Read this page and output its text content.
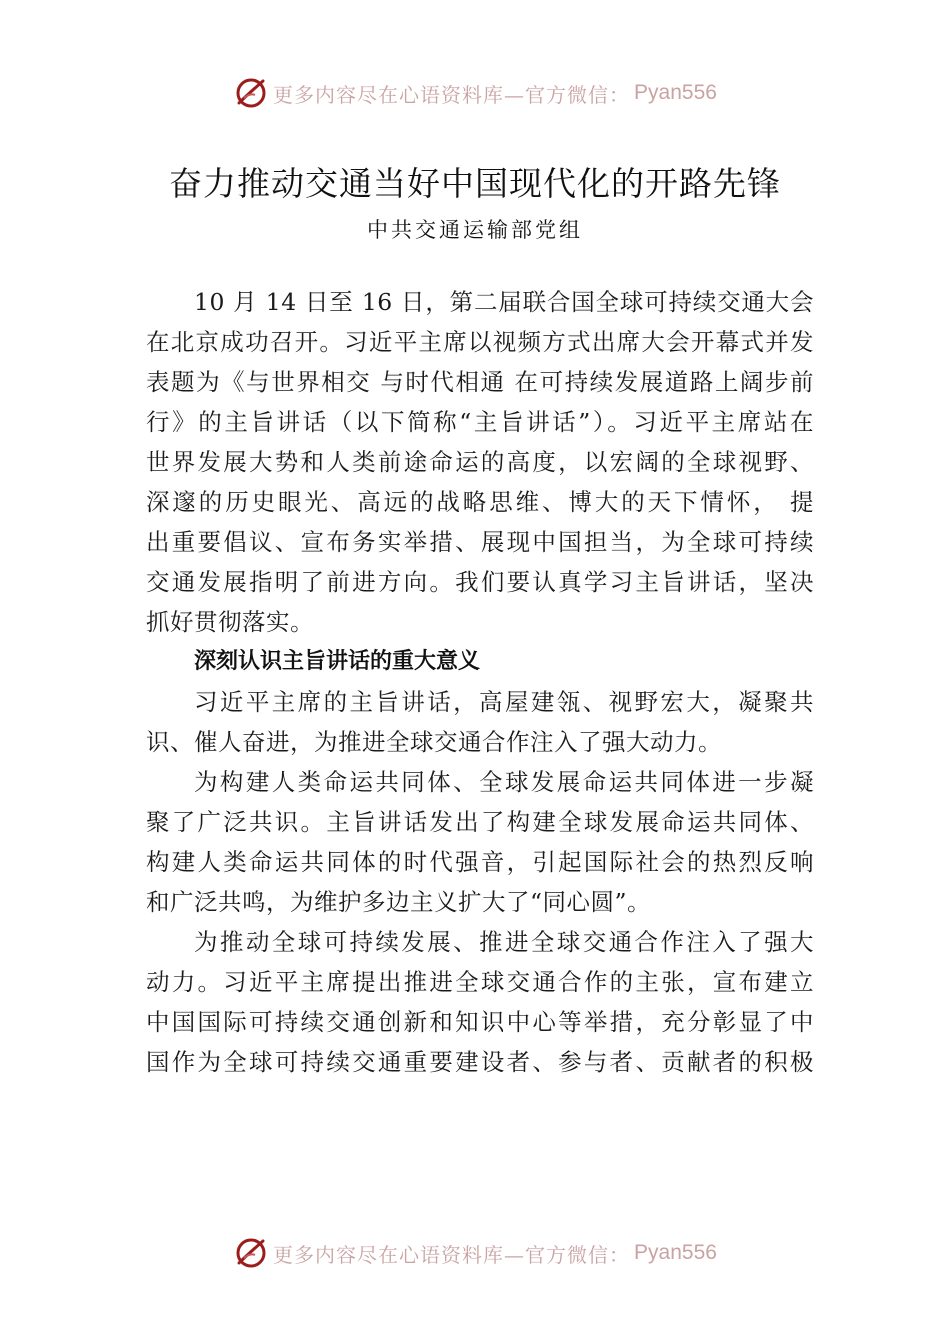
更多内容尽在心语资料库—官方微信： Pyan556
奋力推动交通当好中国现代化的开路先锋
中共交通运输部党组
10 月 14 日至 16 日，第二届联合国全球可持续交通大会
在北京成功召开。习近平主席以视频方式出席大会开幕式并发
表题为《与世界相交 与时代相通 在可持续发展道路上阔步前
行》的主旨讲话（以下简称“主旨讲话”）。习近平主席站在
世界发展大势和人类前途命运的高度，以宏阔的全球视野、
深邃的历史眼光、高远的战略思维、博大的天下情怀， 提
出重要倡议、宣布务实举措、展现中国担当，为全球可持续
交通发展指明了前进方向。我们要认真学习主旨讲话，坚决
抓好贯彻落实。
深刻认识主旨讲话的重大意义
习近平主席的主旨讲话，高屋建瓴、视野宏大，凝聚共
识、催人奋进，为推进全球交通合作注入了强大动力。
为构建人类命运共同体、全球发展命运共同体进一步凝
聚了广泛共识。主旨讲话发出了构建全球发展命运共同体、
构建人类命运共同体的时代强音，引起国际社会的热烈反响
和广泛共鸣，为维护多边主义扩大了“同心圆”。
为推动全球可持续发展、推进全球交通合作注入了强大
动力。习近平主席提出推进全球交通合作的主张，宣布建立
中国国际可持续交通创新和知识中心等举措，充分彰显了中
国作为全球可持续交通重要建设者、参与者、贡献者的积极
更多内容尽在心语资料库—官方微信： Pyan556
